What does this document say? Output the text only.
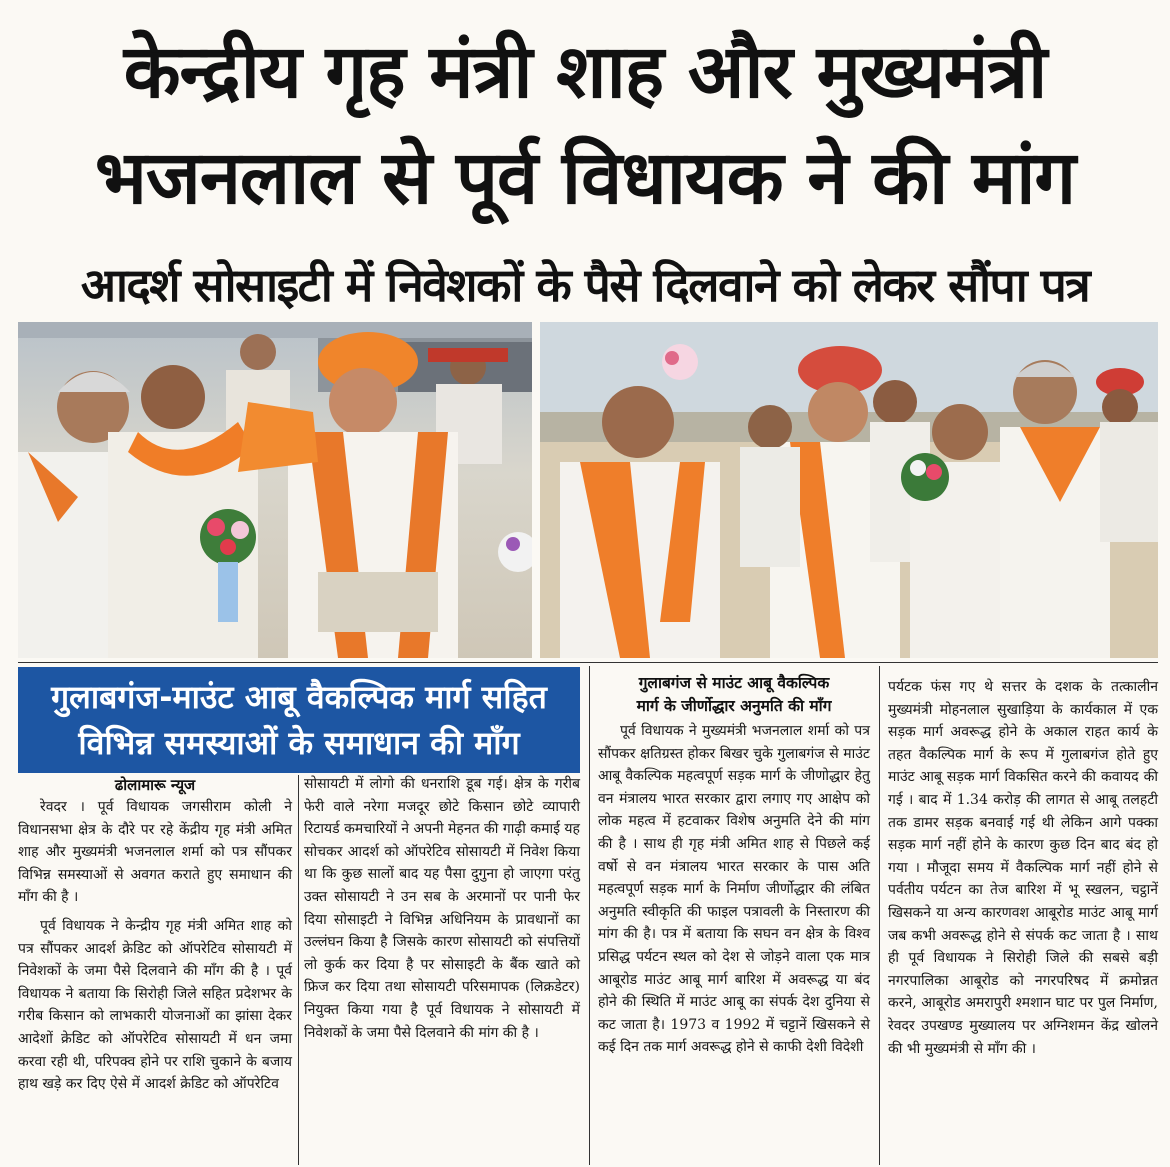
केन्द्रीय गृह मंत्री शाह और मुख्यमंत्री
भजनलाल से पूर्व विधायक ने की मांग
आदर्श सोसाइटी में निवेशकों के पैसे दिलवाने को लेकर सौंपा पत्र
गुलाबगंज-माउंट आबू वैकल्पिक मार्ग सहित
विभिन्न समस्याओं के समाधान की माँग
ढोलामारू न्यूज

रेवदर । पूर्व विधायक जगसीराम कोली ने विधानसभा क्षेत्र के दौरे पर रहे केंद्रीय गृह मंत्री अमित शाह और मुख्यमंत्री भजनलाल शर्मा को पत्र सौंपकर विभिन्न समस्याओं से अवगत कराते हुए समाधान की माँग की है ।

पूर्व विधायक ने केन्द्रीय गृह मंत्री अमित शाह को पत्र सौंपकर आदर्श क्रेडिट को ऑपरेटिव सोसायटी में निवेशकों के जमा पैसे दिलवाने की माँग की है । पूर्व विधायक ने बताया कि सिरोही जिले सहित प्रदेशभर के गरीब किसान को लाभकारी योजनाओं का झांसा देकर आदेशों क्रेडिट को ऑपरेटिव सोसायटी में धन जमा करवा रही थी, परिपक्व होने पर राशि चुकाने के बजाय हाथ खड़े कर दिए ऐसे में आदर्श क्रेडिट को ऑपरेटिव

सोसायटी में लोगो की धनराशि डूब गई। क्षेत्र के गरीब फेरी वाले नरेगा मजदूर छोटे किसान छोटे व्यापारी रिटायर्ड कमचारियों ने अपनी मेहनत की गाढ़ी कमाई यह सोचकर आदर्श को ऑपरेटिव सोसायटी में निवेश किया था कि कुछ सालों बाद यह पैसा दुगुना हो जाएगा परंतु उक्त सोसायटी ने उन सब के अरमानों पर पानी फेर दिया सोसाइटी ने विभिन्न अधिनियम के प्रावधानों का उल्लंघन किया है जिसके कारण सोसायटी को संपत्तियों लो कुर्क कर दिया है पर सोसाइटी के बैंक खाते को फ्रिज कर दिया तथा सोसायटी परिसमापक (लिक्रडेटर) नियुक्त किया गया है पूर्व विधायक ने सोसायटी में निवेशकों के जमा पैसे दिलवाने की मांग की है ।

गुलाबगंज से माउंट आबू वैकल्पिक
मार्ग के जीर्णोद्धार अनुमति की माँग

पूर्व विधायक ने मुख्यमंत्री भजनलाल शर्मा को पत्र सौंपकर क्षतिग्रस्त होकर बिखर चुके गुलाबगंज से माउंट आबू वैकल्पिक महत्वपूर्ण सड़क मार्ग के जीणोद्धार हेतु वन मंत्रालय भारत सरकार द्वारा लगाए गए आक्षेप को लोक महत्व में हटवाकर विशेष अनुमति देने की मांग की है । साथ ही गृह मंत्री अमित शाह से पिछले कई वर्षो से वन मंत्रालय भारत सरकार के पास अति महत्वपूर्ण सड़क मार्ग के निर्माण जीर्णोद्धार की लंबित अनुमति स्वीकृति की फाइल पत्रावली के निस्तारण की मांग की है। पत्र में बताया कि सघन वन क्षेत्र के विश्व प्रसिद्ध पर्यटन स्थल को देश से जोड़ने वाला एक मात्र आबूरोड माउंट आबू मार्ग बारिश में अवरूद्ध या बंद होने की स्थिति में माउंट आबू का संपर्क देश दुनिया से कट जाता है। 1973 व 1992 में चट्टानें खिसकने से कई दिन तक मार्ग अवरूद्ध होने से काफी देशी विदेशी

पर्यटक फंस गए थे सत्तर के दशक के तत्कालीन मुख्यमंत्री मोहनलाल सुखाड़िया के कार्यकाल में एक सड़क मार्ग अवरूद्ध होने के अकाल राहत कार्य के तहत वैकल्पिक मार्ग के रूप में गुलाबगंज होते हुए माउंट आबू सड़क मार्ग विकसित करने की कवायद की गई । बाद में 1.34 करोड़ की लागत से आबू तलहटी तक डामर सड़क बनवाई गई थी लेकिन आगे पक्का सड़क मार्ग नहीं होने के कारण कुछ दिन बाद बंद हो गया । मौजूदा समय में वैकल्पिक मार्ग नहीं होने से पर्वतीय पर्यटन का तेज बारिश में भू स्खलन, चट्ठानें खिसकने या अन्य कारणवश आबूरोड माउंट आबू मार्ग जब कभी अवरूद्ध होने से संपर्क कट जाता है । साथ ही पूर्व विधायक ने सिरोही जिले की सबसे बड़ी नगरपालिका आबूरोड को नगरपरिषद में क्रमोन्नत करने, आबूरोड अमरापुरी श्मशान घाट पर पुल निर्माण, रेवदर उपखण्ड मुख्यालय पर अग्निशमन केंद्र खोलने की भी मुख्यमंत्री से माँग की ।
